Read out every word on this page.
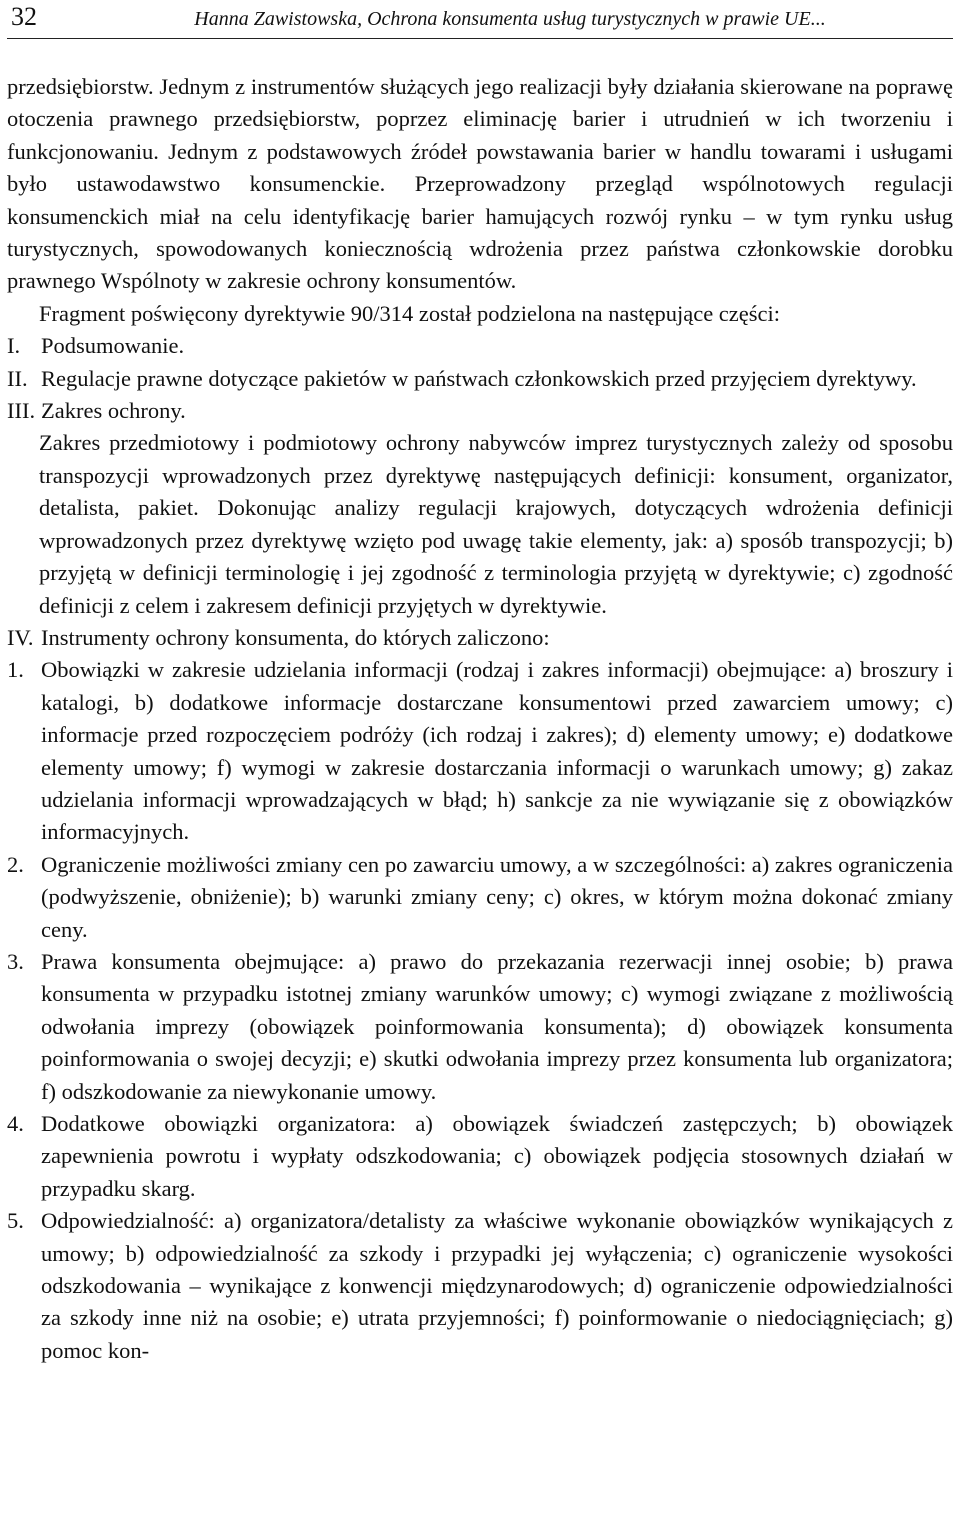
32	Hanna Zawistowska, Ochrona konsumenta usług turystycznych w prawie UE...

przedsiębiorstw. Jednym z instrumentów służących jego realizacji były działania skierowane na poprawę otoczenia prawnego przedsiębiorstw, poprzez eliminację barier i utrudnień w ich tworzeniu i funkcjonowaniu. Jednym z podstawowych źródeł powstawania barier w handlu towarami i usługami było ustawodawstwo konsumenckie. Przeprowadzony przegląd wspólnotowych regulacji konsumenckich miał na celu identyfikację barier hamujących rozwój rynku – w tym rynku usług turystycznych, spowodowanych koniecznością wdrożenia przez państwa członkowskie dorobku prawnego Wspólnoty w zakresie ochrony konsumentów.

Fragment poświęcony dyrektywie 90/314 został podzielona na następujące części:

I. Podsumowanie.
II. Regulacje prawne dotyczące pakietów w państwach członkowskich przed przyjęciem dyrektywy.
III. Zakres ochrony.

Zakres przedmiotowy i podmiotowy ochrony nabywców imprez turystycznych zależy od sposobu transpozycji wprowadzonych przez dyrektywę następujących definicji: konsument, organizator, detalista, pakiet. Dokonując analizy regulacji krajowych, dotyczących wdrożenia definicji wprowadzonych przez dyrektywę wzięto pod uwagę takie elementy, jak: a) sposób transpozycji; b) przyjętą w definicji terminologię i jej zgodność z terminologia przyjętą w dyrektywie; c) zgodność definicji z celem i zakresem definicji przyjętych w dyrektywie.

IV. Instrumenty ochrony konsumenta, do których zaliczono:
1. Obowiązki w zakresie udzielania informacji (rodzaj i zakres informacji) obejmujące: a) broszury i katalogi, b) dodatkowe informacje dostarczane konsumentowi przed zawarciem umowy; c) informacje przed rozpoczęciem podróży (ich rodzaj i zakres); d) elementy umowy; e) dodatkowe elementy umowy; f) wymogi w zakresie dostarczania informacji o warunkach umowy; g) zakaz udzielania informacji wprowadzających w błąd; h) sankcje za nie wywiązanie się z obowiązków informacyjnych.
2. Ograniczenie możliwości zmiany cen po zawarciu umowy, a w szczególności: a) zakres ograniczenia (podwyższenie, obniżenie); b) warunki zmiany ceny; c) okres, w którym można dokonać zmiany ceny.
3. Prawa konsumenta obejmujące: a) prawo do przekazania rezerwacji innej osobie; b) prawa konsumenta w przypadku istotnej zmiany warunków umowy; c) wymogi związane z możliwością odwołania imprezy (obowiązek poinformowania konsumenta); d) obowiązek konsumenta poinformowania o swojej decyzji; e) skutki odwołania imprezy przez konsumenta lub organizatora; f) odszkodowanie za niewykonanie umowy.
4. Dodatkowe obowiązki organizatora: a) obowiązek świadczeń zastępczych; b) obowiązek zapewnienia powrotu i wypłaty odszkodowania; c) obowiązek podjęcia stosownych działań w przypadku skarg.
5. Odpowiedzialność: a) organizatora/detalisty za właściwe wykonanie obowiązków wynikających z umowy; b) odpowiedzialność za szkody i przypadki jej wyłączenia; c) ograniczenie wysokości odszkodowania – wynikające z konwencji międzynarodowych; d) ograniczenie odpowiedzialności za szkody inne niż na osobie; e) utrata przyjemności; f) poinformowanie o niedociągnięciach; g) pomoc kon-
